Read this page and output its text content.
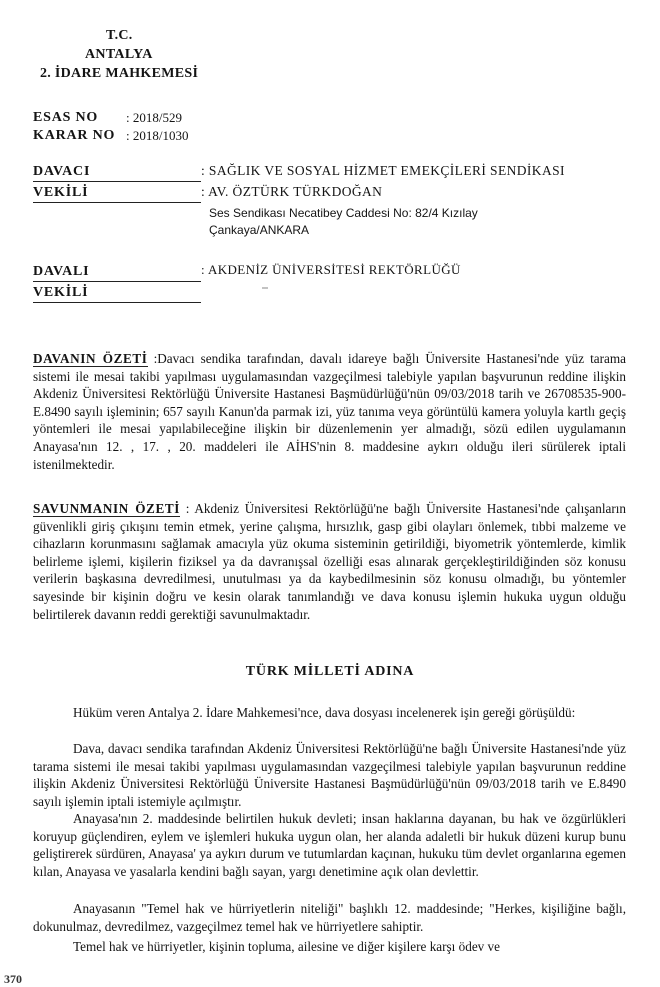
T.C.
ANTALYA
2. İDARE MAHKEMESİ
ESAS NO : 2018/529
KARAR NO : 2018/1030
DAVACI	: SAĞLIK VE SOSYAL HİZMET EMEKÇİLERİ SENDİKASI
VEKİLİ	: AV. ÖZTÜRK TÜRKDOĞAN
Ses Sendikası Necatibey Caddesi No: 82/4 Kızılay
Çankaya/ANKARA
DAVALI	: AKDENİZ ÜNİVERSİTESİ REKTÖRLÜĞÜ
VEKİLİ

DAVANIN ÖZETİ :Davacı sendika tarafından, davalı idareye bağlı Üniversite Hastanesi'nde yüz tarama sistemi ile mesai takibi yapılması uygulamasından vazgeçilmesi talebiyle yapılan başvurunun reddine ilişkin Akdeniz Üniversitesi Rektörlüğü Üniversite Hastanesi Başmüdürlüğü'nün 09/03/2018 tarih ve 26708535-900- E.8490 sayılı işleminin; 657 sayılı Kanun'da parmak izi, yüz tanıma veya görüntülü kamera yoluyla kartlı geçiş yöntemleri ile mesai yapılabileceğine ilişkin bir düzenlemenin yer almadığı, sözü edilen uygulamanın Anayasa'nın 12. , 17. , 20. maddeleri ile AİHS'nin 8. maddesine aykırı olduğu ileri sürülerek iptali istenilmektedir.

SAVUNMANIN ÖZETİ : Akdeniz Üniversitesi Rektörlüğü'ne bağlı Üniversite Hastanesi'nde çalışanların güvenlikli giriş çıkışını temin etmek, yerine çalışma, hırsızlık, gasp gibi olayları önlemek, tıbbi malzeme ve cihazların korunmasını sağlamak amacıyla yüz okuma sisteminin getirildiği, biyometrik yöntemlerde, kimlik belirleme işlemi, kişilerin fiziksel ya da davranışsal özelliği esas alınarak gerçekleştirildiğinden söz konusu verilerin başkasına devredilmesi, unutulması ya da kaybedilmesinin söz konusu olmadığı, bu yöntemler sayesinde bir kişinin doğru ve kesin olarak tanımlandığı ve dava konusu işlemin hukuka uygun olduğu belirtilerek davanın reddi gerektiği savunulmaktadır.

TÜRK MİLLETİ ADINA

Hüküm veren Antalya 2. İdare Mahkemesi'nce, dava dosyası incelenerek işin gereği görüşüldü:

Dava, davacı sendika tarafından Akdeniz Üniversitesi Rektörlüğü'ne bağlı Üniversite Hastanesi'nde yüz tarama sistemi ile mesai takibi yapılması uygulamasından vazgeçilmesi talebiyle yapılan başvurunun reddine ilişkin Akdeniz Üniversitesi Rektörlüğü Üniversite Hastanesi Başmüdürlüğü'nün 09/03/2018 tarih ve E.8490 sayılı işlemin iptali istemiyle açılmıştır.

Anayasa'nın 2. maddesinde belirtilen hukuk devleti; insan haklarına dayanan, bu hak ve özgürlükleri koruyup güçlendiren, eylem ve işlemleri hukuka uygun olan, her alanda adaletli bir hukuk düzeni kurup bunu geliştirerek sürdüren, Anayasa' ya aykırı durum ve tutumlardan kaçınan, hukuku tüm devlet organlarına egemen kılan, Anayasa ve yasalarla kendini bağlı sayan, yargı denetimine açık olan devlettir.

Anayasanın "Temel hak ve hürriyetlerin niteliği" başlıklı 12. maddesinde; "Herkes, kişiliğine bağlı, dokunulmaz, devredilmez, vazgeçilmez temel hak ve hürriyetlere sahiptir.

Temel hak ve hürriyetler, kişinin topluma, ailesine ve diğer kişilere karşı ödev ve

370
